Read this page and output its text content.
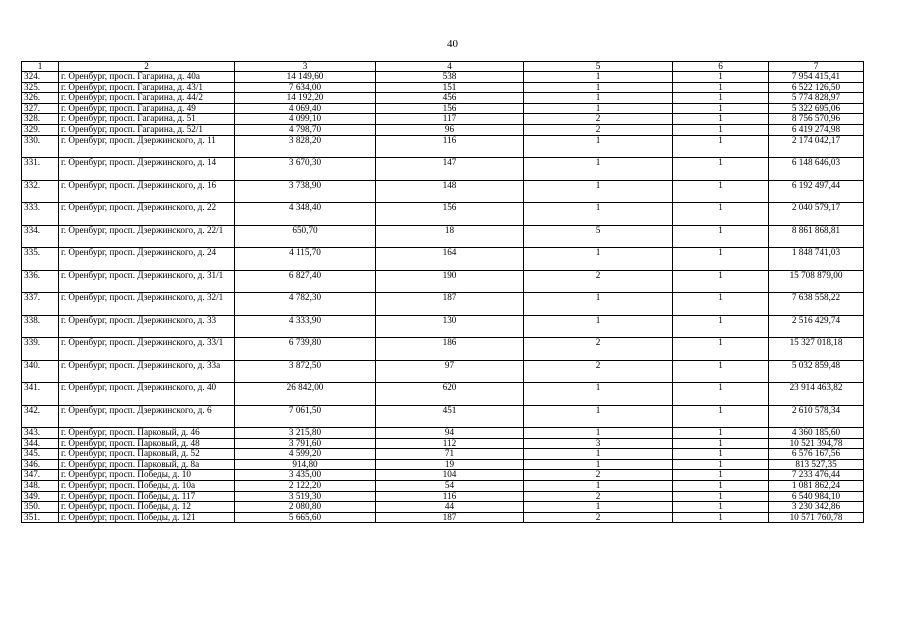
40
1	2	3	4	5	6	7
324.	г. Оренбург, просп. Гагарина, д. 40а	14 149,60	538	1	1	7 954 415,41
325.	г. Оренбург, просп. Гагарина, д. 43/1	7 634,00	151	1	1	6 522 126,50
326.	г. Оренбург, просп. Гагарина, д. 44/2	14 192,20	456	1	1	5 774 828,97
327.	г. Оренбург, просп. Гагарина, д. 49	4 069,40	156	1	1	5 322 695,06
328.	г. Оренбург, просп. Гагарина, д. 51	4 099,10	117	2	1	8 756 570,96
329.	г. Оренбург, просп. Гагарина, д. 52/1	4 798,70	96	2	1	6 419 274,98
330.	г. Оренбург, просп. Дзержинского, д. 11	3 828,20	116	1	1	2 174 042,17
331.	г. Оренбург, просп. Дзержинского, д. 14	3 670,30	147	1	1	6 148 646,03
332.	г. Оренбург, просп. Дзержинского, д. 16	3 738,90	148	1	1	6 192 497,44
333.	г. Оренбург, просп. Дзержинского, д. 22	4 348,40	156	1	1	2 040 579,17
334.	г. Оренбург, просп. Дзержинского, д. 22/1	650,70	18	5	1	8 861 868,81
335.	г. Оренбург, просп. Дзержинского, д. 24	4 115,70	164	1	1	1 848 741,03
336.	г. Оренбург, просп. Дзержинского, д. 31/1	6 827,40	190	2	1	15 708 879,00
337.	г. Оренбург, просп. Дзержинского, д. 32/1	4 782,30	187	1	1	7 638 558,22
338.	г. Оренбург, просп. Дзержинского, д. 33	4 333,90	130	1	1	2 516 429,74
339.	г. Оренбург, просп. Дзержинского, д. 33/1	6 739,80	186	2	1	15 327 018,18
340.	г. Оренбург, просп. Дзержинского, д. 33а	3 872,50	97	2	1	5 032 859,48
341.	г. Оренбург, просп. Дзержинского, д. 40	26 842,00	620	1	1	23 914 463,82
342.	г. Оренбург, просп. Дзержинского, д. 6	7 061,50	451	1	1	2 610 578,34
343.	г. Оренбург, просп. Парковый, д. 46	3 215,80	94	1	1	4 360 185,60
344.	г. Оренбург, просп. Парковый, д. 48	3 791,60	112	3	1	10 521 394,78
345.	г. Оренбург, просп. Парковый, д. 52	4 599,20	71	1	1	6 576 167,56
346.	г. Оренбург, просп. Парковый, д. 8а	914,80	19	1	1	813 527,35
347.	г. Оренбург, просп. Победы, д. 10	3 435,00	104	2	1	7 233 476,44
348.	г. Оренбург, просп. Победы, д. 10а	2 122,20	54	1	1	1 081 862,24
349.	г. Оренбург, просп. Победы, д. 117	3 519,30	116	2	1	6 540 984,10
350.	г. Оренбург, просп. Победы, д. 12	2 080,80	44	1	1	3 230 342,86
351.	г. Оренбург, просп. Победы, д. 121	5 665,60	187	2	1	10 571 760,78
